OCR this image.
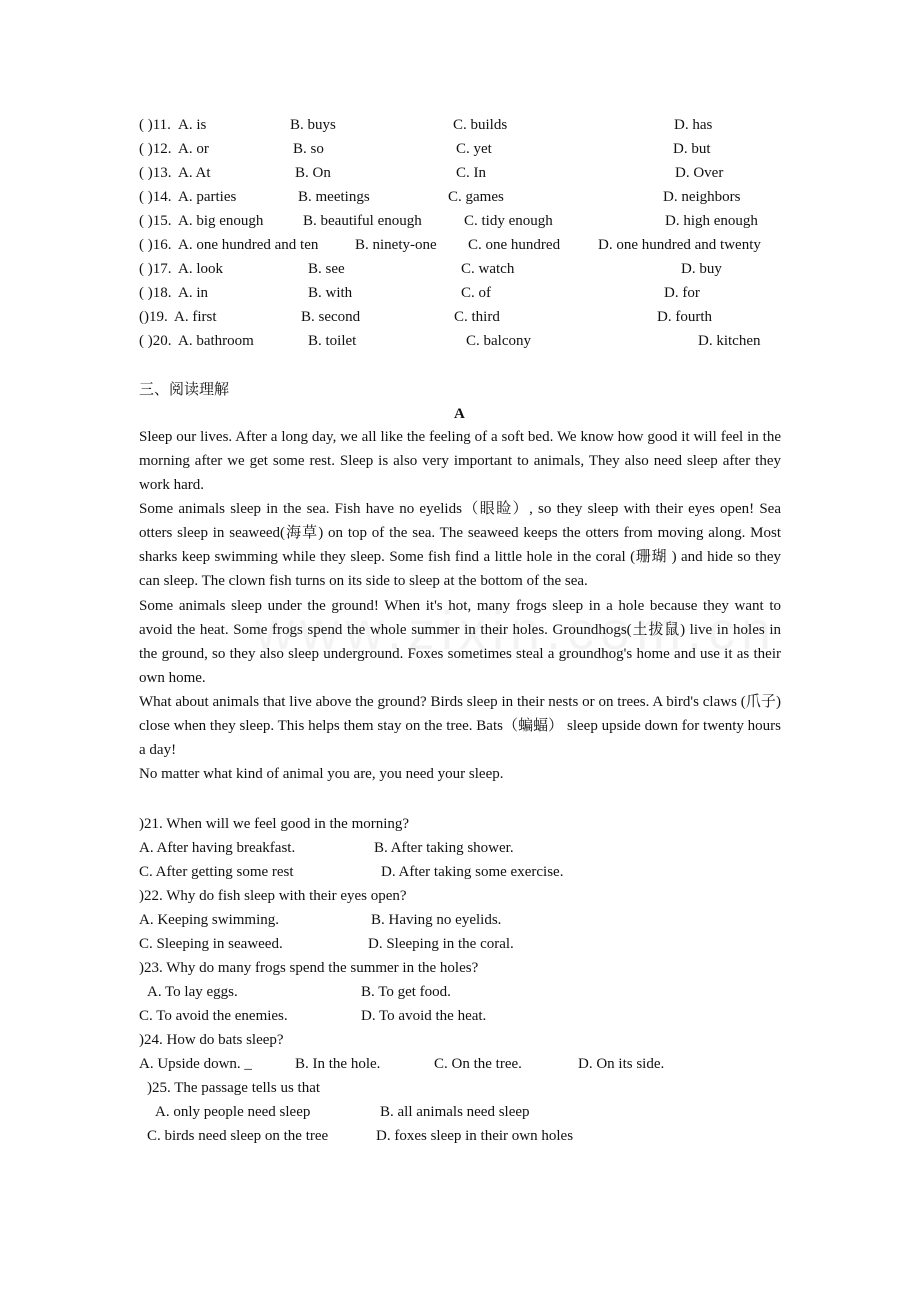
( )11. A. is	B. buys	C. builds	D. has
( )12. A. or	B. so	C. yet	D. but
( )13. A. At	B. On	C. In	D. Over
( )14. A. parties	B. meetings	C. games	D. neighbors
( )15. A. big enough	B. beautiful enough	C. tidy enough	D. high enough
( )16. A. one hundred and ten B. ninety-one C. one hundred	D. one hundred and twenty
( )17. A. look	B. see	C. watch	D. buy
( )18. A. in	B. with	C. of	D. for
()19. A. first	B. second	C. third	D. fourth
( )20. A. bathroom	B. toilet	C. balcony	D. kitchen
三、阅读理解
A
Sleep our lives. After a long day, we all like the feeling of a soft bed. We know how good it will feel in the morning after we get some rest. Sleep is also very important to animals, They also need sleep after they work hard.
Some animals sleep in the sea. Fish have no eyelids（眼睑）, so they sleep with their eyes open! Sea otters sleep in seaweed(海草) on top of the sea. The seaweed keeps the otters from moving along. Most sharks keep swimming while they sleep. Some fish find a little hole in the coral (珊瑚 ) and hide so they can sleep. The clown fish turns on its side to sleep at the bottom of the sea.
Some animals sleep under the ground! When it's hot, many frogs sleep in a hole because they want to avoid the heat. Some frogs spend the whole summer in their holes. Groundhogs(土拔鼠) live in holes in the ground, so they also sleep underground. Foxes sometimes steal a groundhog's home and use it as their own home.
What about animals that live above the ground? Birds sleep in their nests or on trees. A bird's claws (爪子) close when they sleep. This helps them stay on the tree. Bats（蝙蝠） sleep upside down for twenty hours a day!
No matter what kind of animal you are, you need your sleep.
)21. When will we feel good in the morning?
A. After having breakfast.	B. After taking shower.
C. After getting some rest	D. After taking some exercise.
)22. Why do fish sleep with their eyes open?
A. Keeping swimming.	B. Having no eyelids.
C. Sleeping in seaweed.	D. Sleeping in the coral.
)23. Why do many frogs spend the summer in the holes?
A. To lay eggs.	B. To get food.
C. To avoid the enemies.	D. To avoid the heat.
)24. How do bats sleep?
A. Upside down. _	B. In the hole.	C. On the tree.	D. On its side.
)25. The passage tells us that
A. only people need sleep	B. all animals need sleep
C. birds need sleep on the tree	D. foxes sleep in their own holes
